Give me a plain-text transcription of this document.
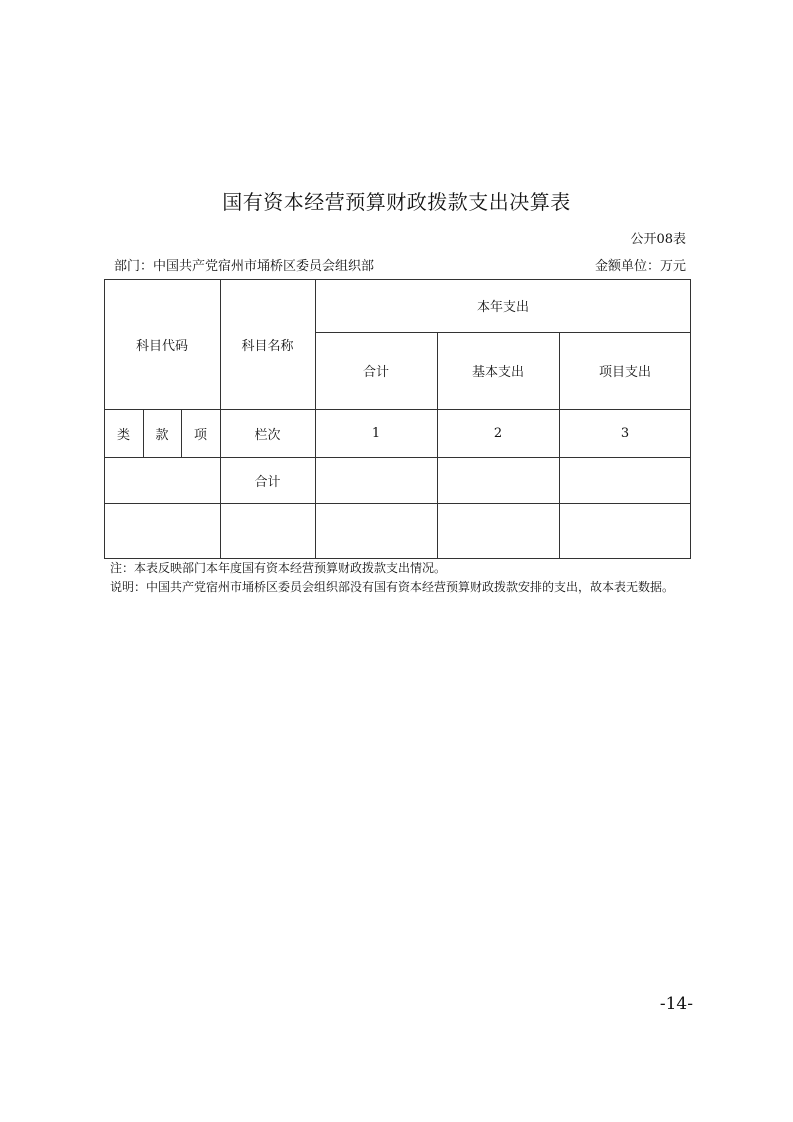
国有资本经营预算财政拨款支出决算表
公开08表
部门：中国共产党宿州市埇桥区委员会组织部	金额单位：万元
科目代码	科目名称
本年支出
合计	基本支出	项目支出
类	款	项	栏次	1	2	3
合计
注：本表反映部门本年度国有资本经营预算财政拨款支出情况。
说明：中国共产党宿州市埇桥区委员会组织部没有国有资本经营预算财政拨款安排的支出，故本表无数据。
-14-
